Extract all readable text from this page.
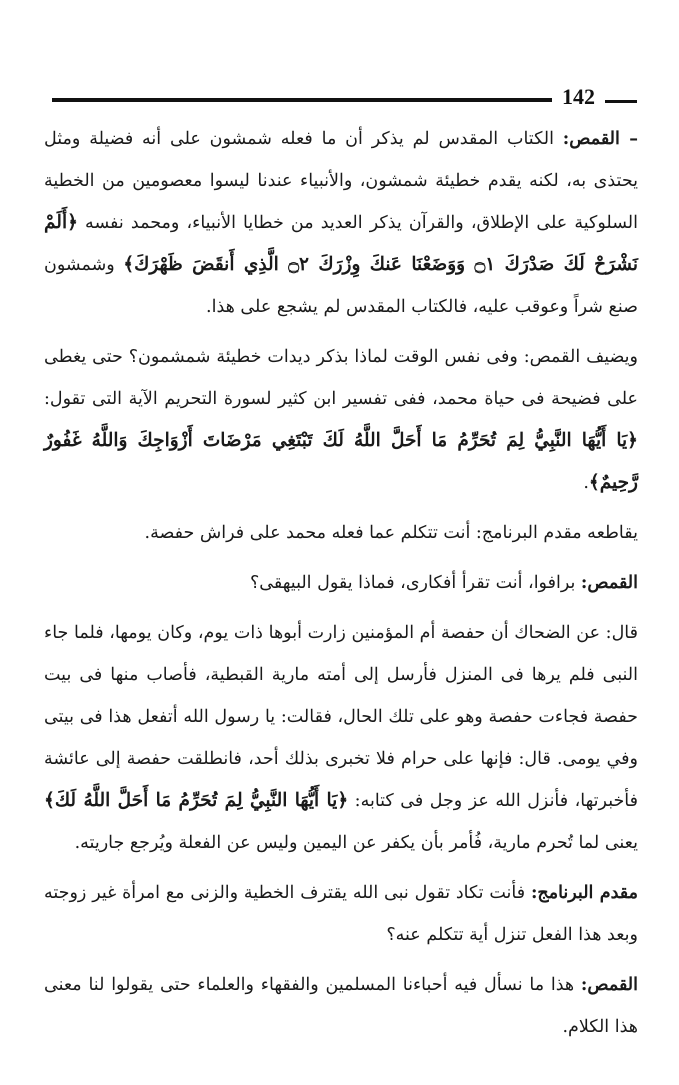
142

– القمص: الكتاب المقدس لم يذكر أن ما فعله شمشون على أنه فضيلة ومثل يحتذى به، لكنه يقدم خطيئة شمشون، والأنبياء عندنا ليسوا معصومين من الخطية السلوكية على الإطلاق، والقرآن يذكر العديد من خطايا الأنبياء، ومحمد نفسه ﴿أَلَمْ نَشْرَحْ لَكَ صَدْرَكَ ۝١ وَوَضَعْنَا عَنكَ وِزْرَكَ ۝٢ الَّذِي أَنقَضَ ظَهْرَكَ﴾ وشمشون صنع شراً وعوقب عليه، فالكتاب المقدس لم يشجع على هذا.

ويضيف القمص: وفى نفس الوقت لماذا بذكر ديدات خطيئة شمشمون؟ حتى يغطى على فضيحة فى حياة محمد، ففى تفسير ابن كثير لسورة التحريم الآية التى تقول: ﴿يَا أَيُّهَا النَّبِيُّ لِمَ تُحَرِّمُ مَا أَحَلَّ اللَّهُ لَكَ تَبْتَغِي مَرْضَاتَ أَزْوَاجِكَ وَاللَّهُ غَفُورٌ رَّحِيمٌ﴾.

يقاطعه مقدم البرنامج: أنت تتكلم عما فعله محمد على فراش حفصة.

القمص: برافوا، أنت تقرأ أفكارى، فماذا يقول البيهقى؟

قال: عن الضحاك أن حفصة أم المؤمنين زارت أبوها ذات يوم، وكان يومها، فلما جاء النبى فلم يرها فى المنزل فأرسل إلى أمته مارية القبطية، فأصاب منها فى بيت حفصة فجاءت حفصة وهو على تلك الحال، فقالت: يا رسول الله أتفعل هذا فى بيتى وفي يومى. قال: فإنها على حرام فلا تخبرى بذلك أحد، فانطلقت حفصة إلى عائشة فأخبرتها، فأنزل الله عز وجل فى كتابه: ﴿يَا أَيُّهَا النَّبِيُّ لِمَ تُحَرِّمُ مَا أَحَلَّ اللَّهُ لَكَ﴾ يعنى لما تُحرم مارية، فُأمر بأن يكفر عن اليمين وليس عن الفعلة ويُرجع جاريته.

مقدم البرنامج: فأنت تكاد تقول نبى الله يقترف الخطية والزنى مع امرأة غير زوجته وبعد هذا الفعل تنزل أية تتكلم عنه؟

القمص: هذا ما نسأل فيه أحباءنا المسلمين والفقهاء والعلماء حتى يقولوا لنا معنى هذا الكلام.
